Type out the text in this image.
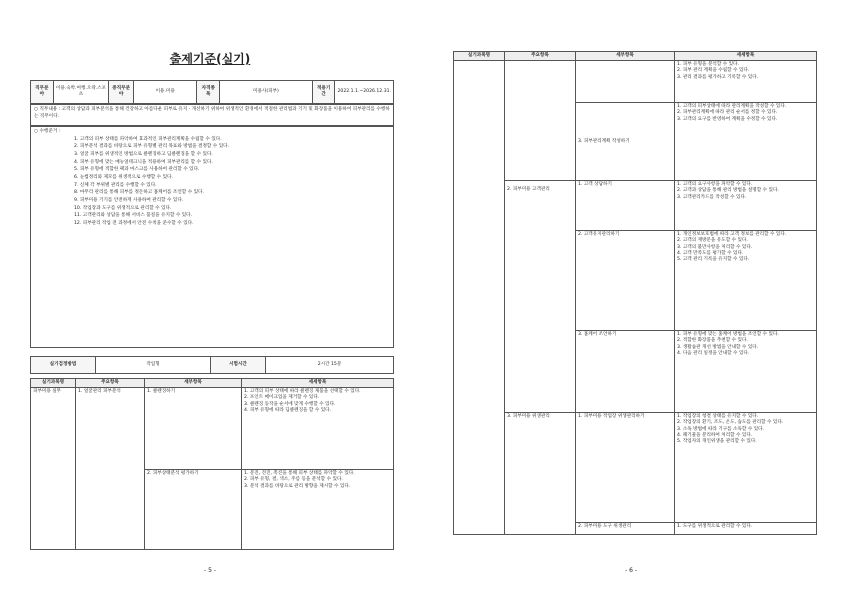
출제기준(실기)
직무분야	이용.숙박.여행.오락.스포츠	중직무분야	이용.미용	자격종목	미용사(피부)	적용기간	2022.1.1.~2026.12.31.

○ 직무내용 : 고객의 상담과 피부분석을 통해 건강하고 아름다운 피부로 유지 · 개선하기 위하여 위생적인 환경에서 적절한 관리법과 기기 및 화장품을 이용하여 피부관리를 수행하는 직무이다.

○ 수행준거 :

1. 고객의 피부 상태를 파악하여 효과적인 피부관리계획을 수립할 수 있다.

2. 피부분석 결과를 바탕으로 피부 유형별 관리 목표와 방법을 결정할 수 있다.

3. 얼굴 피부를 위생적인 방법으로 클렌징하고 딥클렌징을 할 수 있다.

4. 피부 유형에 맞는 매뉴얼테크닉을 적용하여 피부관리를 할 수 있다.

5. 피부 유형에 적합한 팩과 마스크를 사용하여 관리할 수 있다.

6. 눈썹정리와 제모를 위생적으로 수행할 수 있다.

7. 신체 각 부위별 관리를 수행할 수 있다.

8. 마무리 관리를 통해 피부를 정돈하고 홈케어를 조언할 수 있다.

9. 피부미용 기기를 안전하게 사용하여 관리할 수 있다.

10. 작업장과 도구를 위생적으로 관리할 수 있다.

11. 고객관리와 상담을 통해 서비스 품질을 유지할 수 있다.

12. 피부관리 작업 전 과정에서 안전 수칙을 준수할 수 있다.

실기검정방법	작업형	시험시간	2시간 15분
실기과목명	주요항목	세부항목	세세항목
피부미용 실무	1. 얼굴관리 피부분석	1. 클렌징하기	1. 고객의 피부 상태에 따라 클렌징 제품을 선택할 수 있다.
2. 포인트 메이크업을 제거할 수 있다.
3. 클렌징 동작을 순서에 맞게 수행할 수 있다.
4. 피부 유형에 따라 딥클렌징을 할 수 있다.

		2. 피부상태분석 평가하기	1. 문진, 견진, 촉진을 통해 피부 상태를 파악할 수 있다.
2. 피부 유형, 결, 색소, 주름 등을 분석할 수 있다.
3. 분석 결과를 바탕으로 관리 방향을 제시할 수 있다.
- 5 -
실기과목명	주요항목	세부항목	세세항목

			1. 피부 유형을 분석할 수 있다.
2. 피부 관리 계획을 수립할 수 있다.
3. 관리 결과를 평가하고 기록할 수 있다.

		3. 피부관리계획 작성하기	1. 고객의 피부상태에 따라 관리계획을 작성할 수 있다.
2. 피부관리계획에 따라 관리 순서를 정할 수 있다.
3. 고객의 요구를 반영하여 계획을 수정할 수 있다.

	2. 피부미용 고객관리	1. 고객 상담하기	1. 고객의 요구사항을 파악할 수 있다.
2. 고객과 상담을 통해 관리 방법을 설명할 수 있다.
3. 고객관리카드를 작성할 수 있다.

		2. 고객유지관리하기	1. 개인정보보호법에 따라 고객 정보를 관리할 수 있다.
2. 고객의 재방문을 유도할 수 있다.
3. 고객의 불만사항을 처리할 수 있다.
4. 고객 만족도를 평가할 수 있다.
5. 고객 관리 기록을 유지할 수 있다.

		3. 홈케어 조언하기	1. 피부 유형에 맞는 홈케어 방법을 조언할 수 있다.
2. 적합한 화장품을 추천할 수 있다.
3. 생활습관 개선 방법을 안내할 수 있다.
4. 다음 관리 일정을 안내할 수 있다.

	3. 피부미용 위생관리	1. 피부미용 작업장 위생관리하기	1. 작업장의 청결 상태를 유지할 수 있다.
2. 작업장의 환기, 조도, 온도, 습도를 관리할 수 있다.
3. 소독 방법에 따라 기구를 소독할 수 있다.
4. 폐기물을 분리하여 처리할 수 있다.
5. 작업자의 개인위생을 관리할 수 있다.

		2. 피부미용 도구 위생관리	1. 도구를 위생적으로 관리할 수 있다.
- 6 -
